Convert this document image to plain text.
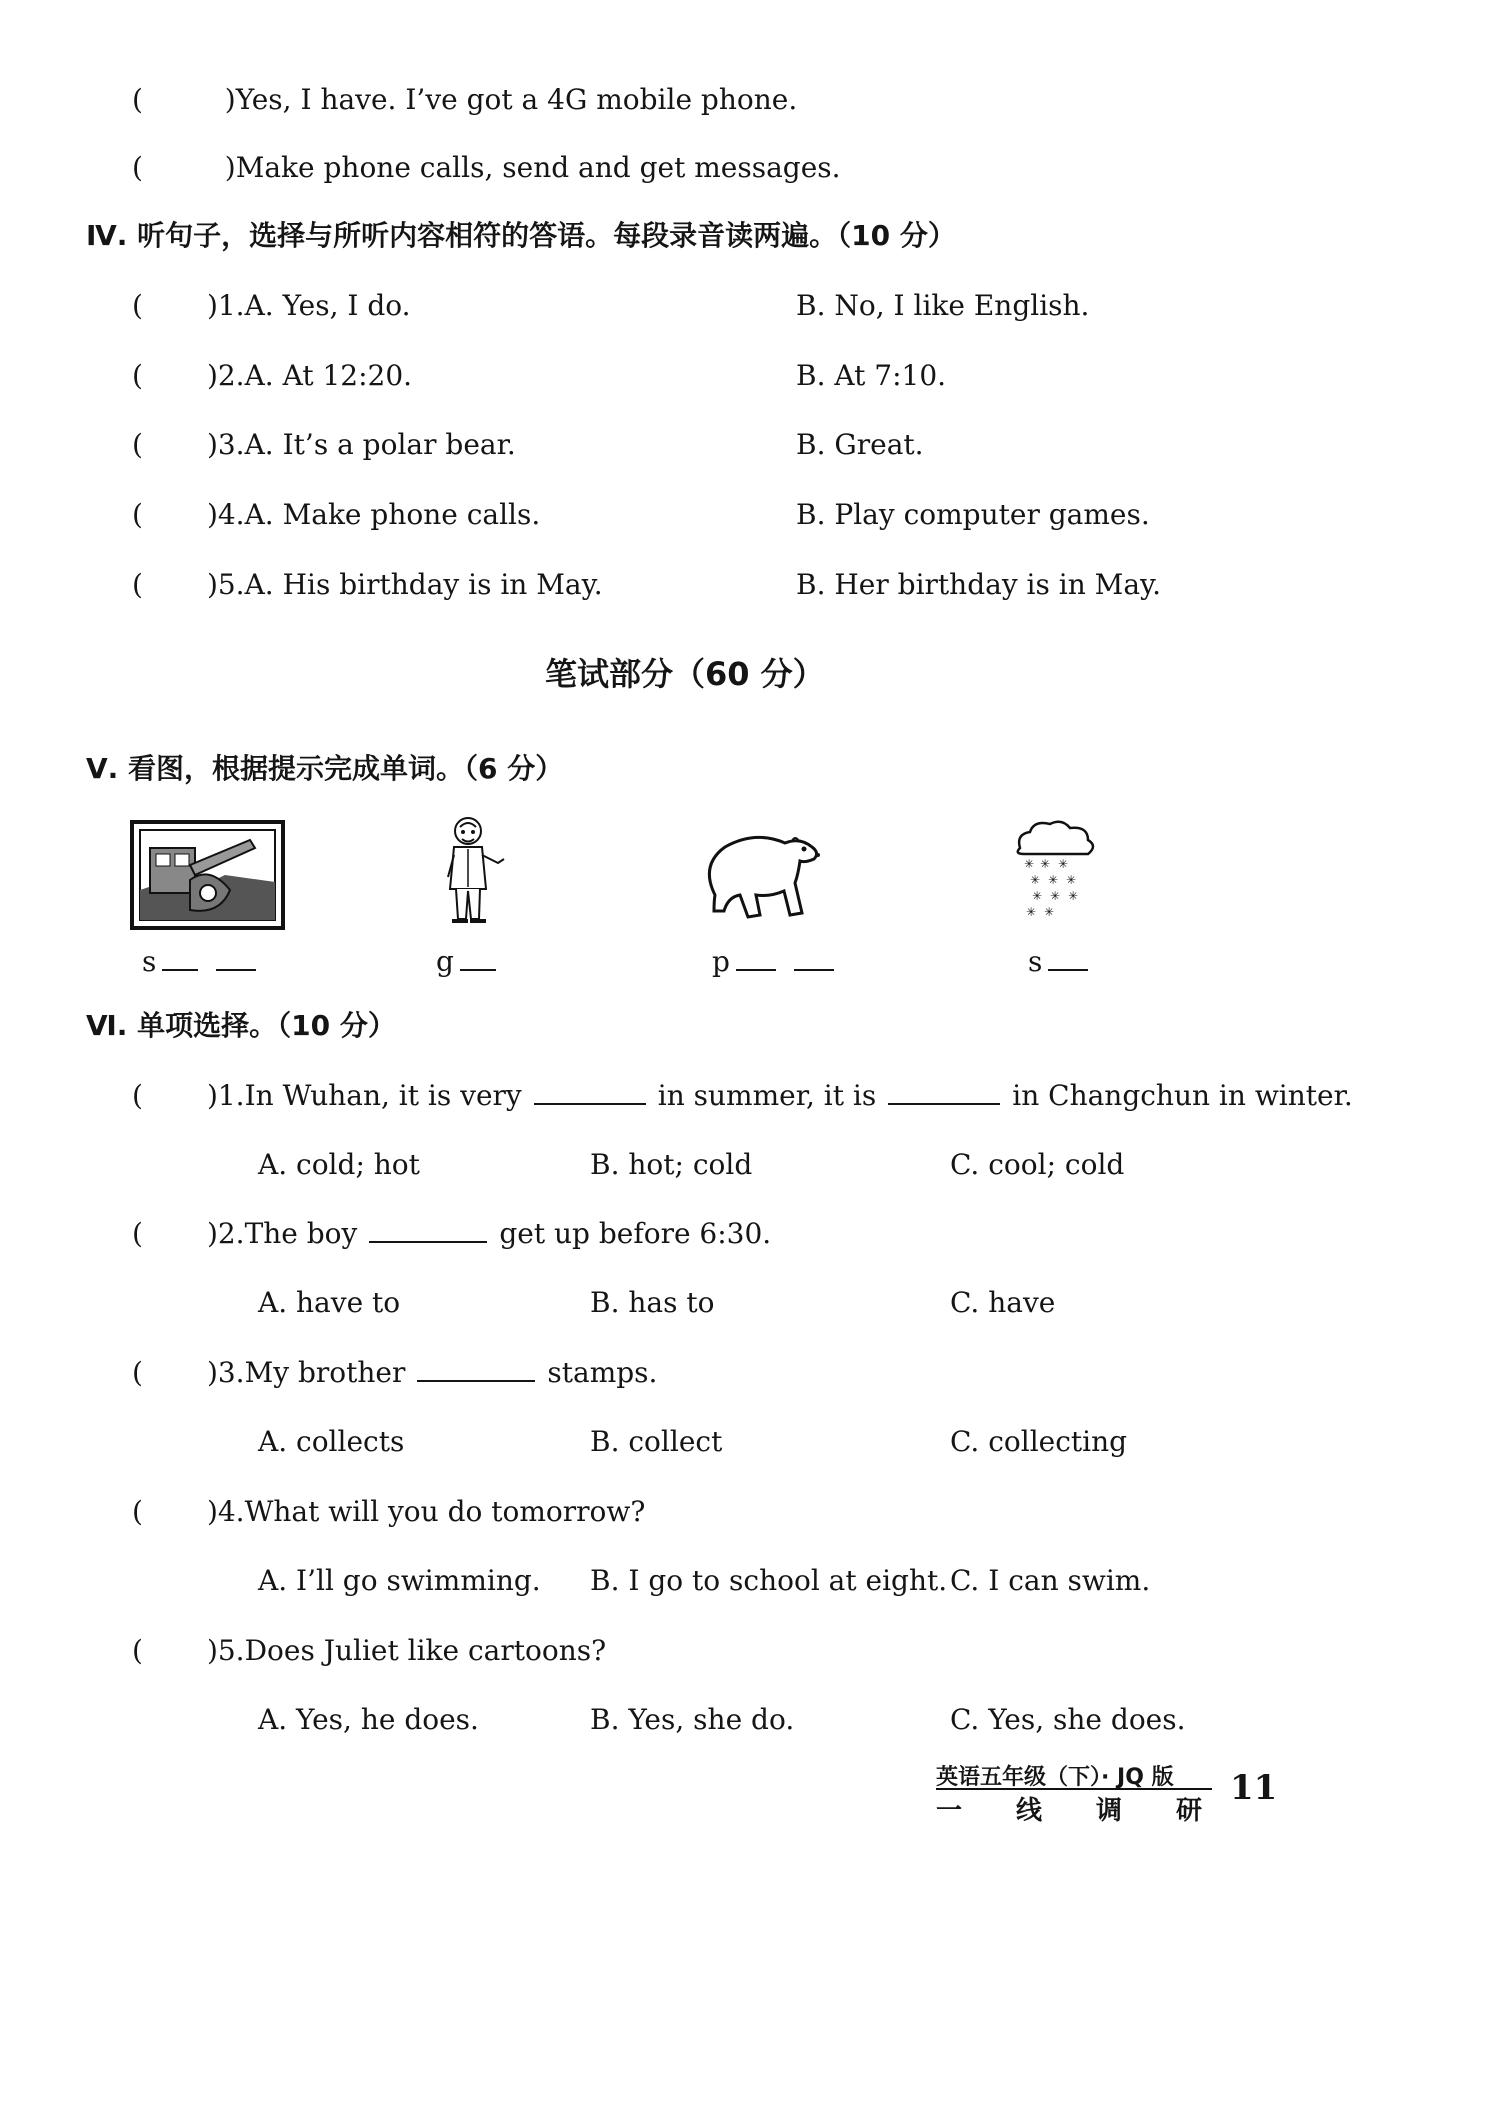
(	)Yes, I have. I’ve got a 4G mobile phone.
(	)Make phone calls, send and get messages.
Ⅳ. 听句子，选择与所听内容相符的答语。每段录音读两遍。（10 分）
( )1.A. Yes, I do.	B. No, I like English.
( )2.A. At 12:20.	B. At 7:10.
( )3.A. It’s a polar bear.	B. Great.
( )4.A. Make phone calls.	B. Play computer games.
( )5.A. His birthday is in May.	B. Her birthday is in May.
笔试部分（60 分）
Ⅴ. 看图，根据提示完成单词。（6 分）
s	g	p
✳ ✳ ✳
✳ ✳ ✳
✳ ✳ ✳
✳ ✳
s
Ⅵ. 单项选择。（10 分）
( )1.In Wuhan, it is very	in summer, it is	in Changchun in winter.
A. cold; hot	B. hot; cold	C. cool; cold
( )2.The boy	get up before 6:30.
A. have to	B. has to	C. have
( )3.My brother	stamps.
A. collects	B. collect	C. collecting
( )4.What will you do tomorrow?
A. I’ll go swimming. B. I go to school at eight. C. I can swim.
( )5.Does Juliet like cartoons?
A. Yes, he does.	B. Yes, she do.	C. Yes, she does.
英语五年级（下）· JQ 版
一　线　调　研
11
